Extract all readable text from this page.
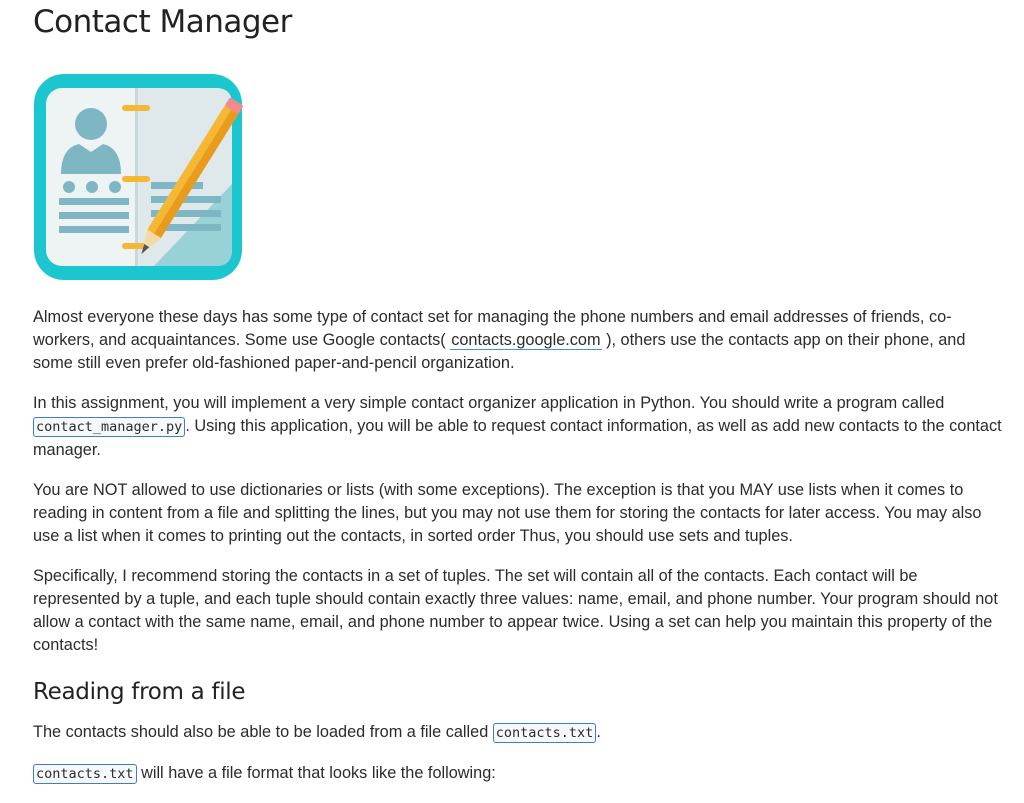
Contact Manager

Almost everyone these days has some type of contact set for managing the phone numbers and email addresses of friends, co-workers, and acquaintances. Some use Google contacts( contacts.google.com ), others use the contacts app on their phone, and some still even prefer old-fashioned paper-and-pencil organization.

In this assignment, you will implement a very simple contact organizer application in Python. You should write a program called contact_manager.py . Using this application, you will be able to request contact information, as well as add new contacts to the contact manager.

You are NOT allowed to use dictionaries or lists (with some exceptions). The exception is that you MAY use lists when it comes to reading in content from a file and splitting the lines, but you may not use them for storing the contacts for later access. You may also use a list when it comes to printing out the contacts, in sorted order Thus, you should use sets and tuples.

Specifically, I recommend storing the contacts in a set of tuples. The set will contain all of the contacts. Each contact will be represented by a tuple, and each tuple should contain exactly three values: name, email, and phone number. Your program should not allow a contact with the same name, email, and phone number to appear twice. Using a set can help you maintain this property of the contacts!

Reading from a file

The contacts should also be able to be loaded from a file called contacts.txt .

contacts.txt will have a file format that looks like the following:
